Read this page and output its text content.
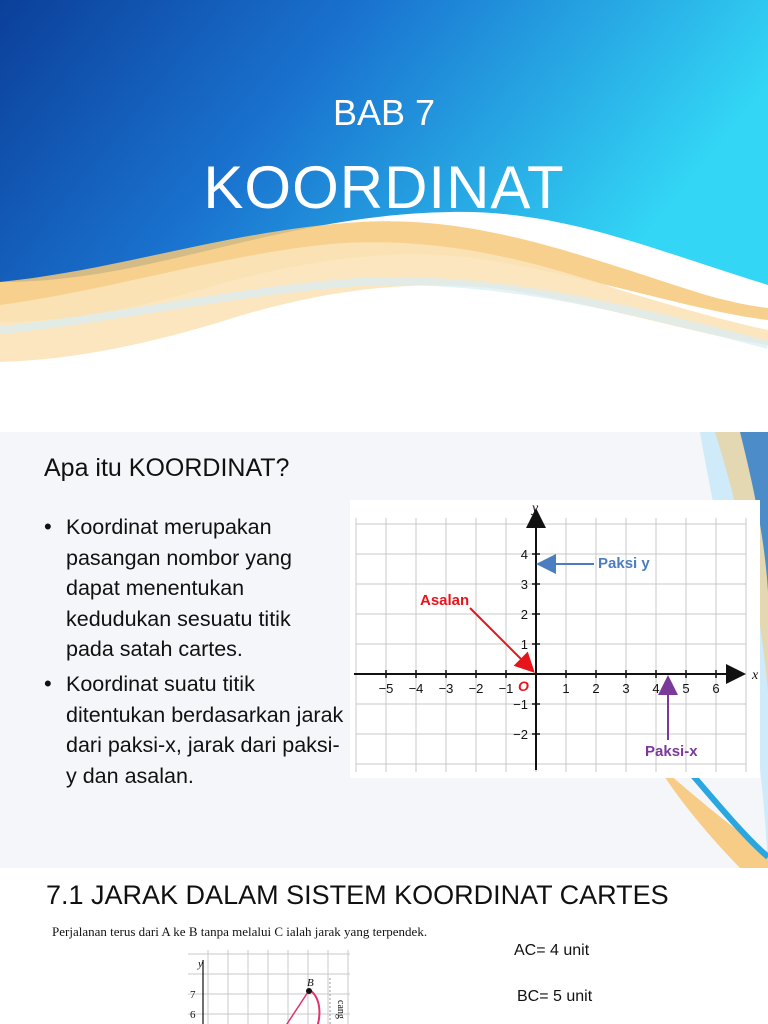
BAB 7
KOORDINAT
Apa itu KOORDINAT?
• Koordinat merupakan pasangan nombor yang dapat menentukan kedudukan sesuatu titik pada satah cartes.
• Koordinat suatu titik ditentukan berdasarkan jarak dari paksi-x, jarak dari paksi-y dan asalan.
−5 −4 −3 −2 −1	1 2 3 4 5 6
4
3
2
1
−1
−2
x
y
O
Asalan
Paksi y
Paksi-x
7.1 JARAK DALAM SISTEM KOORDINAT CARTES
Perjalanan terus dari A ke B tanpa melalui C ialah jarak yang terpendek.
y
7
6
B
cang
AC= 4 unit
BC= 5 unit
